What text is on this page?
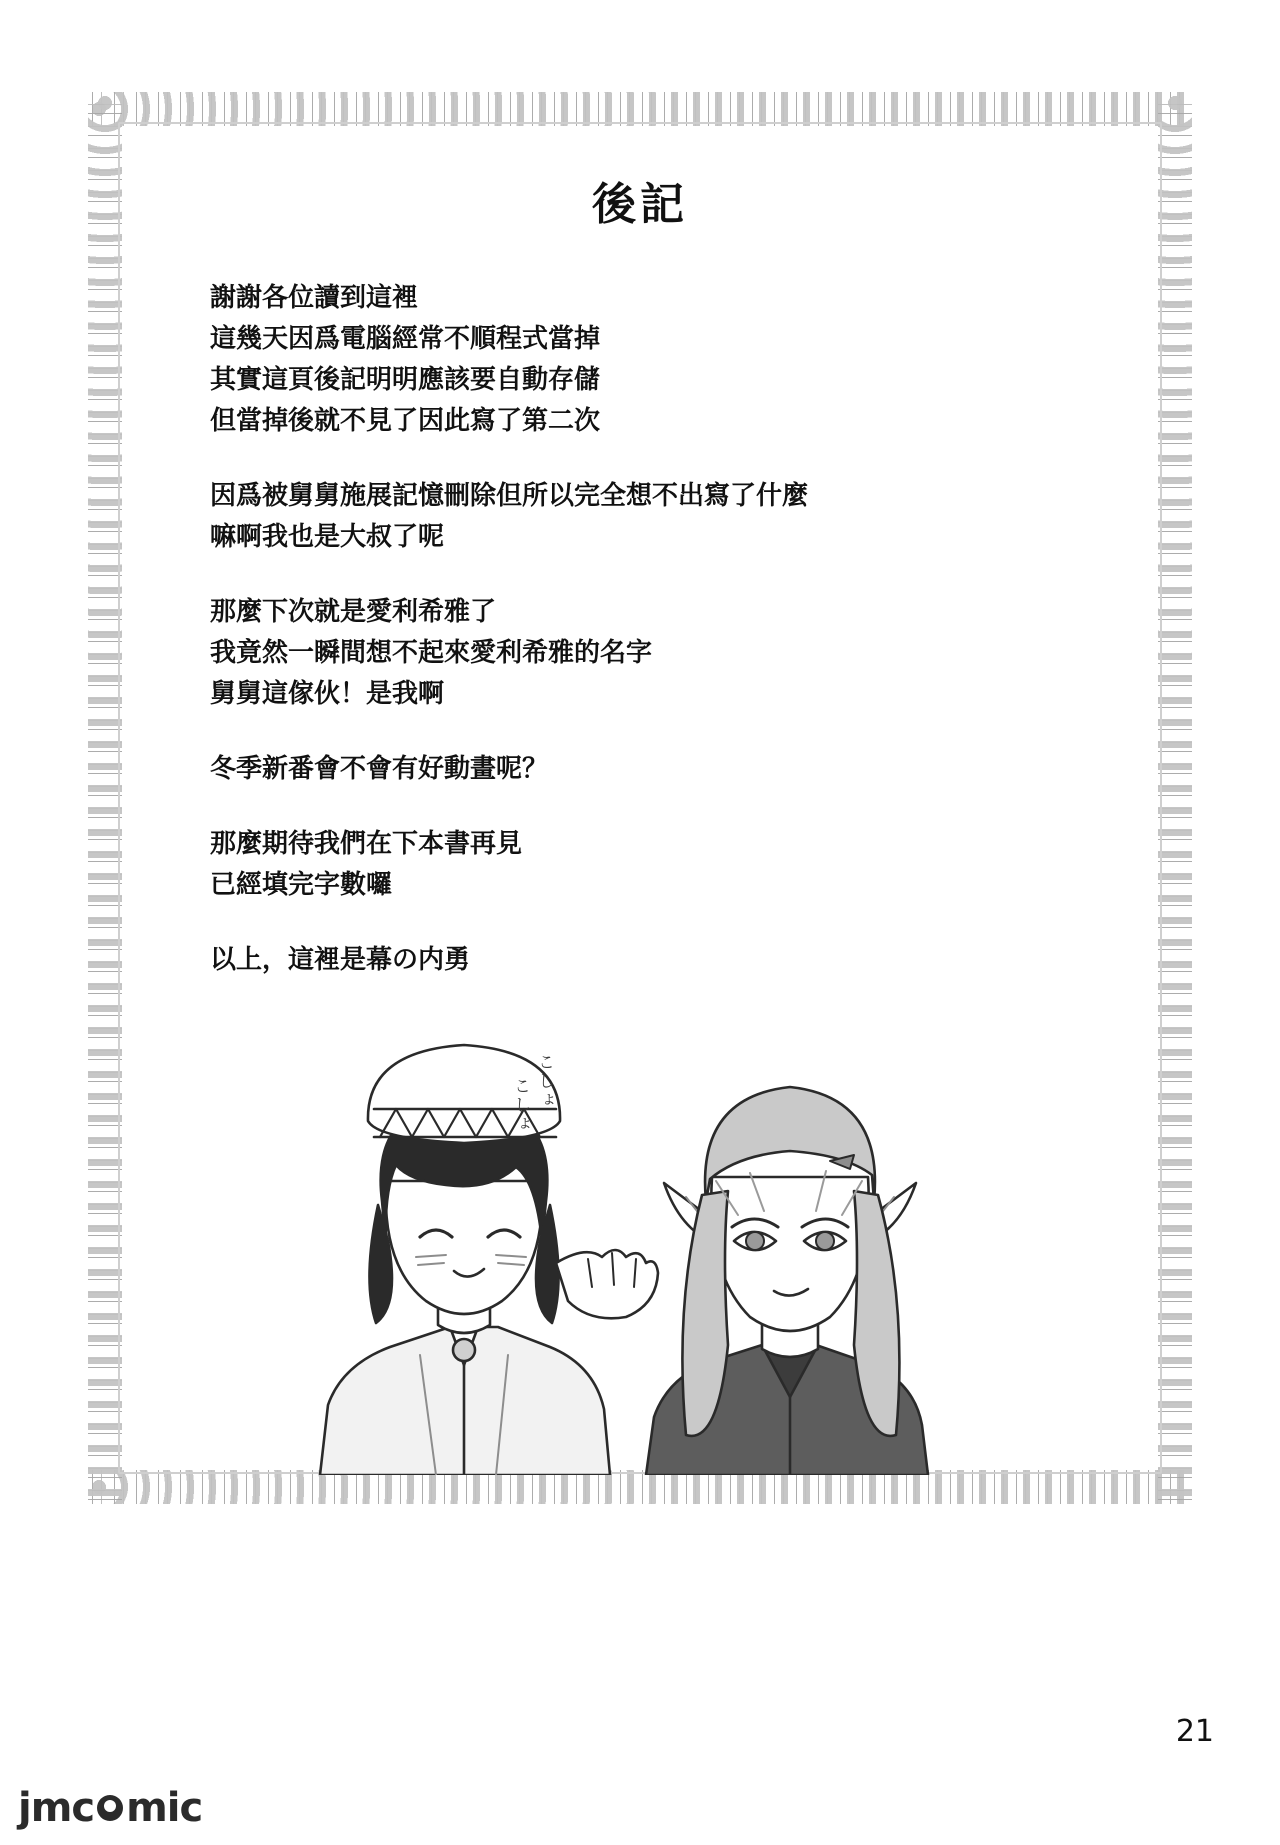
後記

謝謝各位讀到這裡
這幾天因爲電腦經常不順程式當掉
其實這頁後記明明應該要自動存儲
但當掉後就不見了因此寫了第二次

因爲被舅舅施展記憶刪除但所以完全想不出寫了什麼
嘛啊我也是大叔了呢

那麼下次就是愛利希雅了
我竟然一瞬間想不起來愛利希雅的名字
舅舅這傢伙！是我啊

冬季新番會不會有好動畫呢？

那麼期待我們在下本書再見
已經填完字數囉

以上，這裡是幕の内勇

こしょ
こしょ
21
jmc mic
